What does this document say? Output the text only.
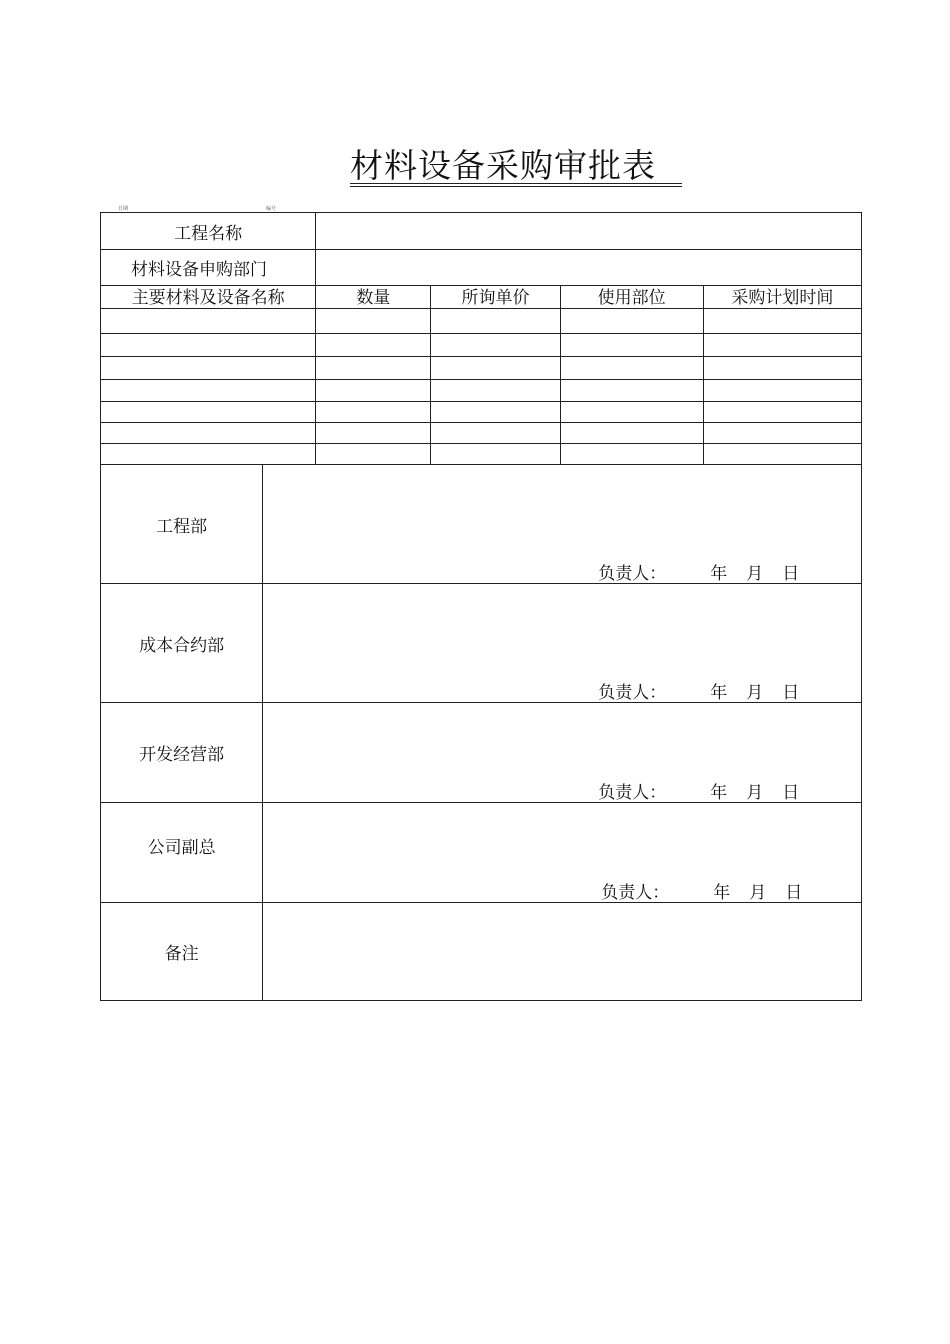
材料设备采购审批表
日期	编号
工程名称					
材料设备申购部门					
主要材料及设备名称		数量	所询单价	使用部位	采购计划时间

工程部	负责人： 年 月 日				

成本合约部	负责人： 年 月 日				

开发经营部	负责人： 年 月 日				

公司副总	负责人： 年 月 日				

备注					
